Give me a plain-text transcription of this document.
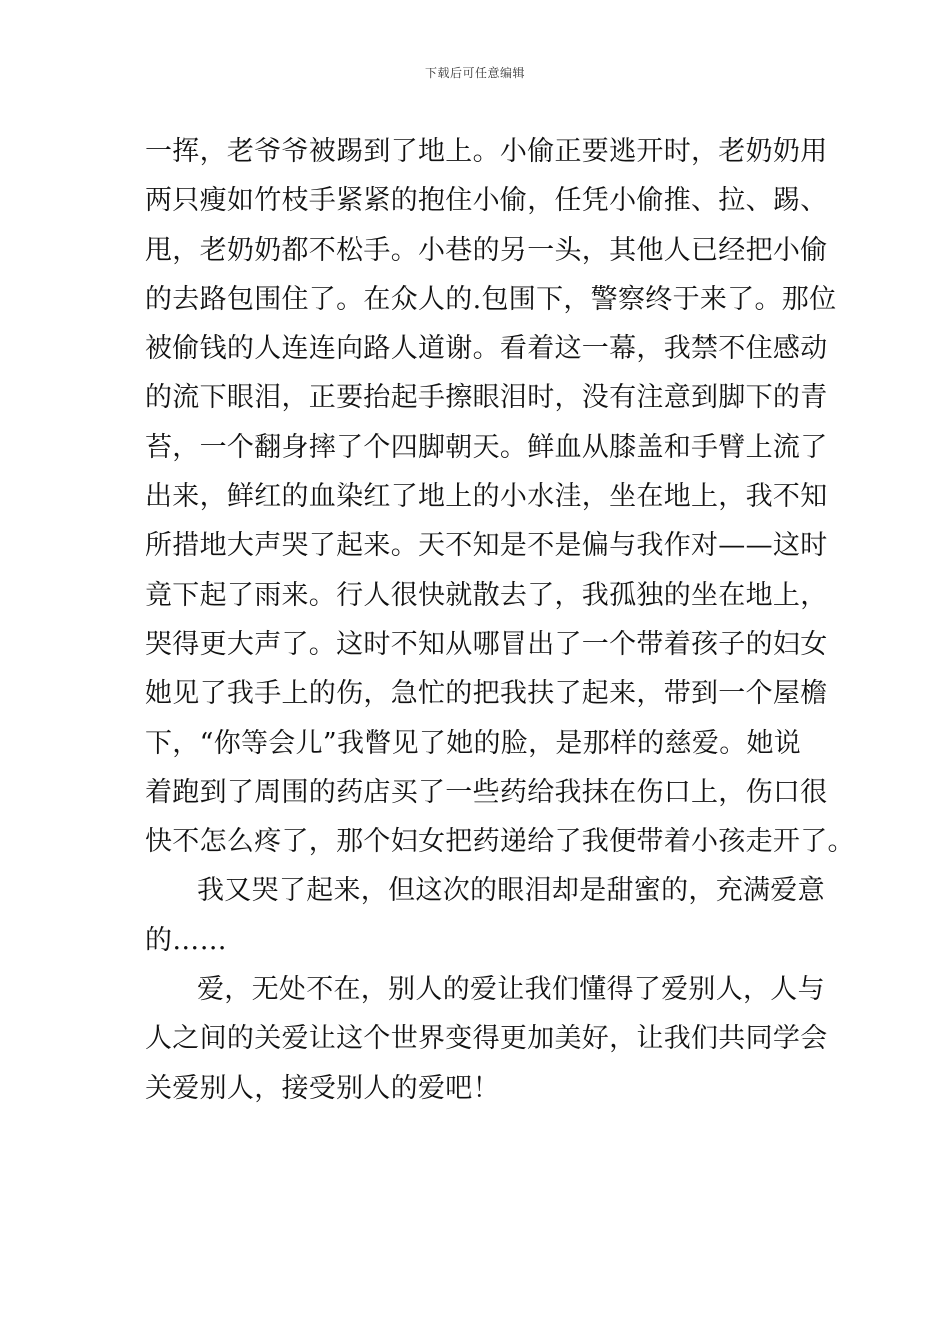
下载后可任意编辑
一挥，老爷爷被踢到了地上。小偷正要逃开时，老奶奶用
两只瘦如竹枝手紧紧的抱住小偷，任凭小偷推、拉、踢、
甩，老奶奶都不松手。小巷的另一头，其他人已经把小偷
的去路包围住了。在众人的.包围下，警察终于来了。那位
被偷钱的人连连向路人道谢。看着这一幕，我禁不住感动
的流下眼泪，正要抬起手擦眼泪时，没有注意到脚下的青
苔，一个翻身摔了个四脚朝天。鲜血从膝盖和手臂上流了
出来，鲜红的血染红了地上的小水洼，坐在地上，我不知
所措地大声哭了起来。天不知是不是偏与我作对——这时
竟下起了雨来。行人很快就散去了，我孤独的坐在地上，
哭得更大声了。这时不知从哪冒出了一个带着孩子的妇女
她见了我手上的伤，急忙的把我扶了起来，带到一个屋檐
下，“你等会儿”我瞥见了她的脸，是那样的慈爱。她说
着跑到了周围的药店买了一些药给我抹在伤口上，伤口很
快不怎么疼了，那个妇女把药递给了我便带着小孩走开了。
我又哭了起来，但这次的眼泪却是甜蜜的，充满爱意
的……
爱，无处不在，别人的爱让我们懂得了爱别人，人与
人之间的关爱让这个世界变得更加美好，让我们共同学会
关爱别人，接受别人的爱吧！
